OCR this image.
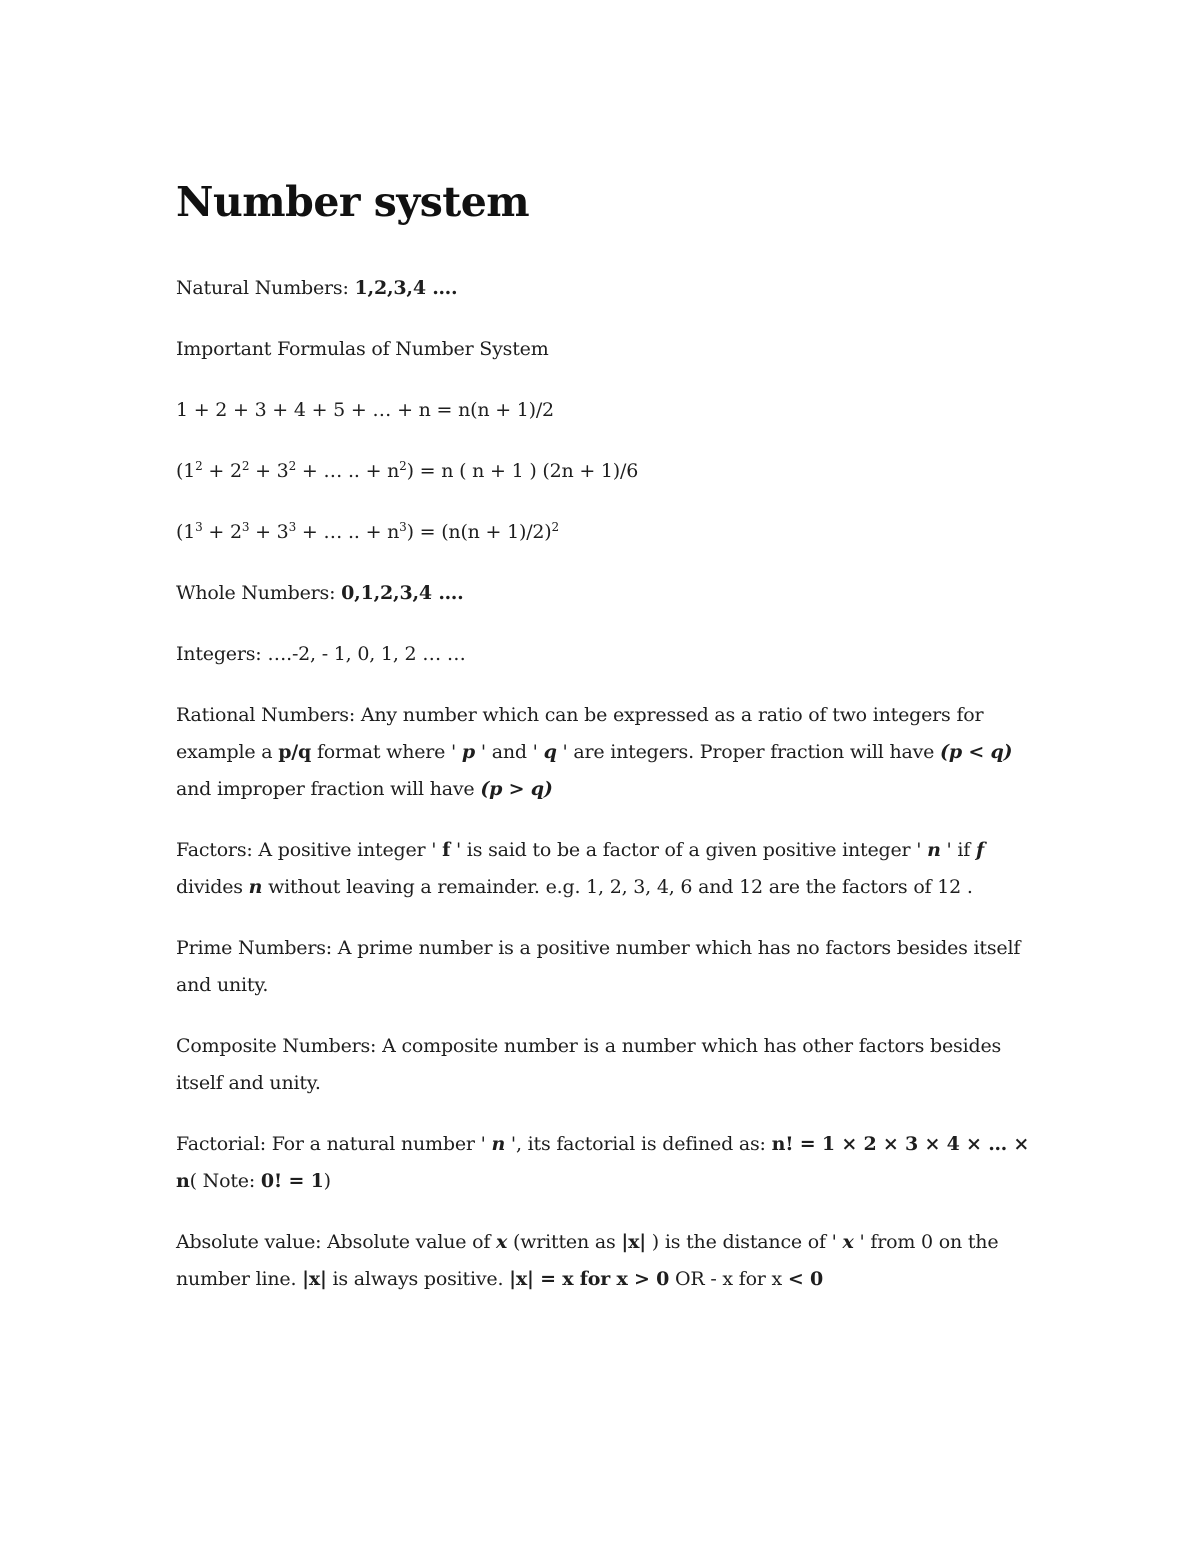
Number system

Natural Numbers: 1,2,3,4 ….

Important Formulas of Number System

1 + 2 + 3 + 4 + 5 + … + n = n(n + 1)/2

($1^2 + 2^2 + 3^2$ + … .. + $n^2) = n$ ( n + 1 ) (2n + 1)/6

($1^3 + 2^3 + 3^3$ + … .. + $n^3) = (n(n + 1)/2)^2$

Whole Numbers: 0,1,2,3,4 ….

Integers: ….-2, - 1, 0, 1, 2 … …

Rational Numbers: Any number which can be expressed as a ratio of two integers for example a p/q format where ' p ' and ' q ' are integers. Proper fraction will have (p < q) and improper fraction will have (p > q)

Factors: A positive integer ' f ' is said to be a factor of a given positive integer ' n ' if f divides n without leaving a remainder. e.g. 1, 2, 3, 4, 6 and 12 are the factors of 12 .

Prime Numbers: A prime number is a positive number which has no factors besides itself and unity.

Composite Numbers: A composite number is a number which has other factors besides itself and unity.

Factorial: For a natural number ' n ', its factorial is defined as: n! = 1 × 2 × 3 × 4 × … × n( Note: 0! = 1)

Absolute value: Absolute value of x (written as |x| ) is the distance of ' x ' from 0 on the number line. |x| is always positive. |x| = x for x > 0 OR - x for x < 0
